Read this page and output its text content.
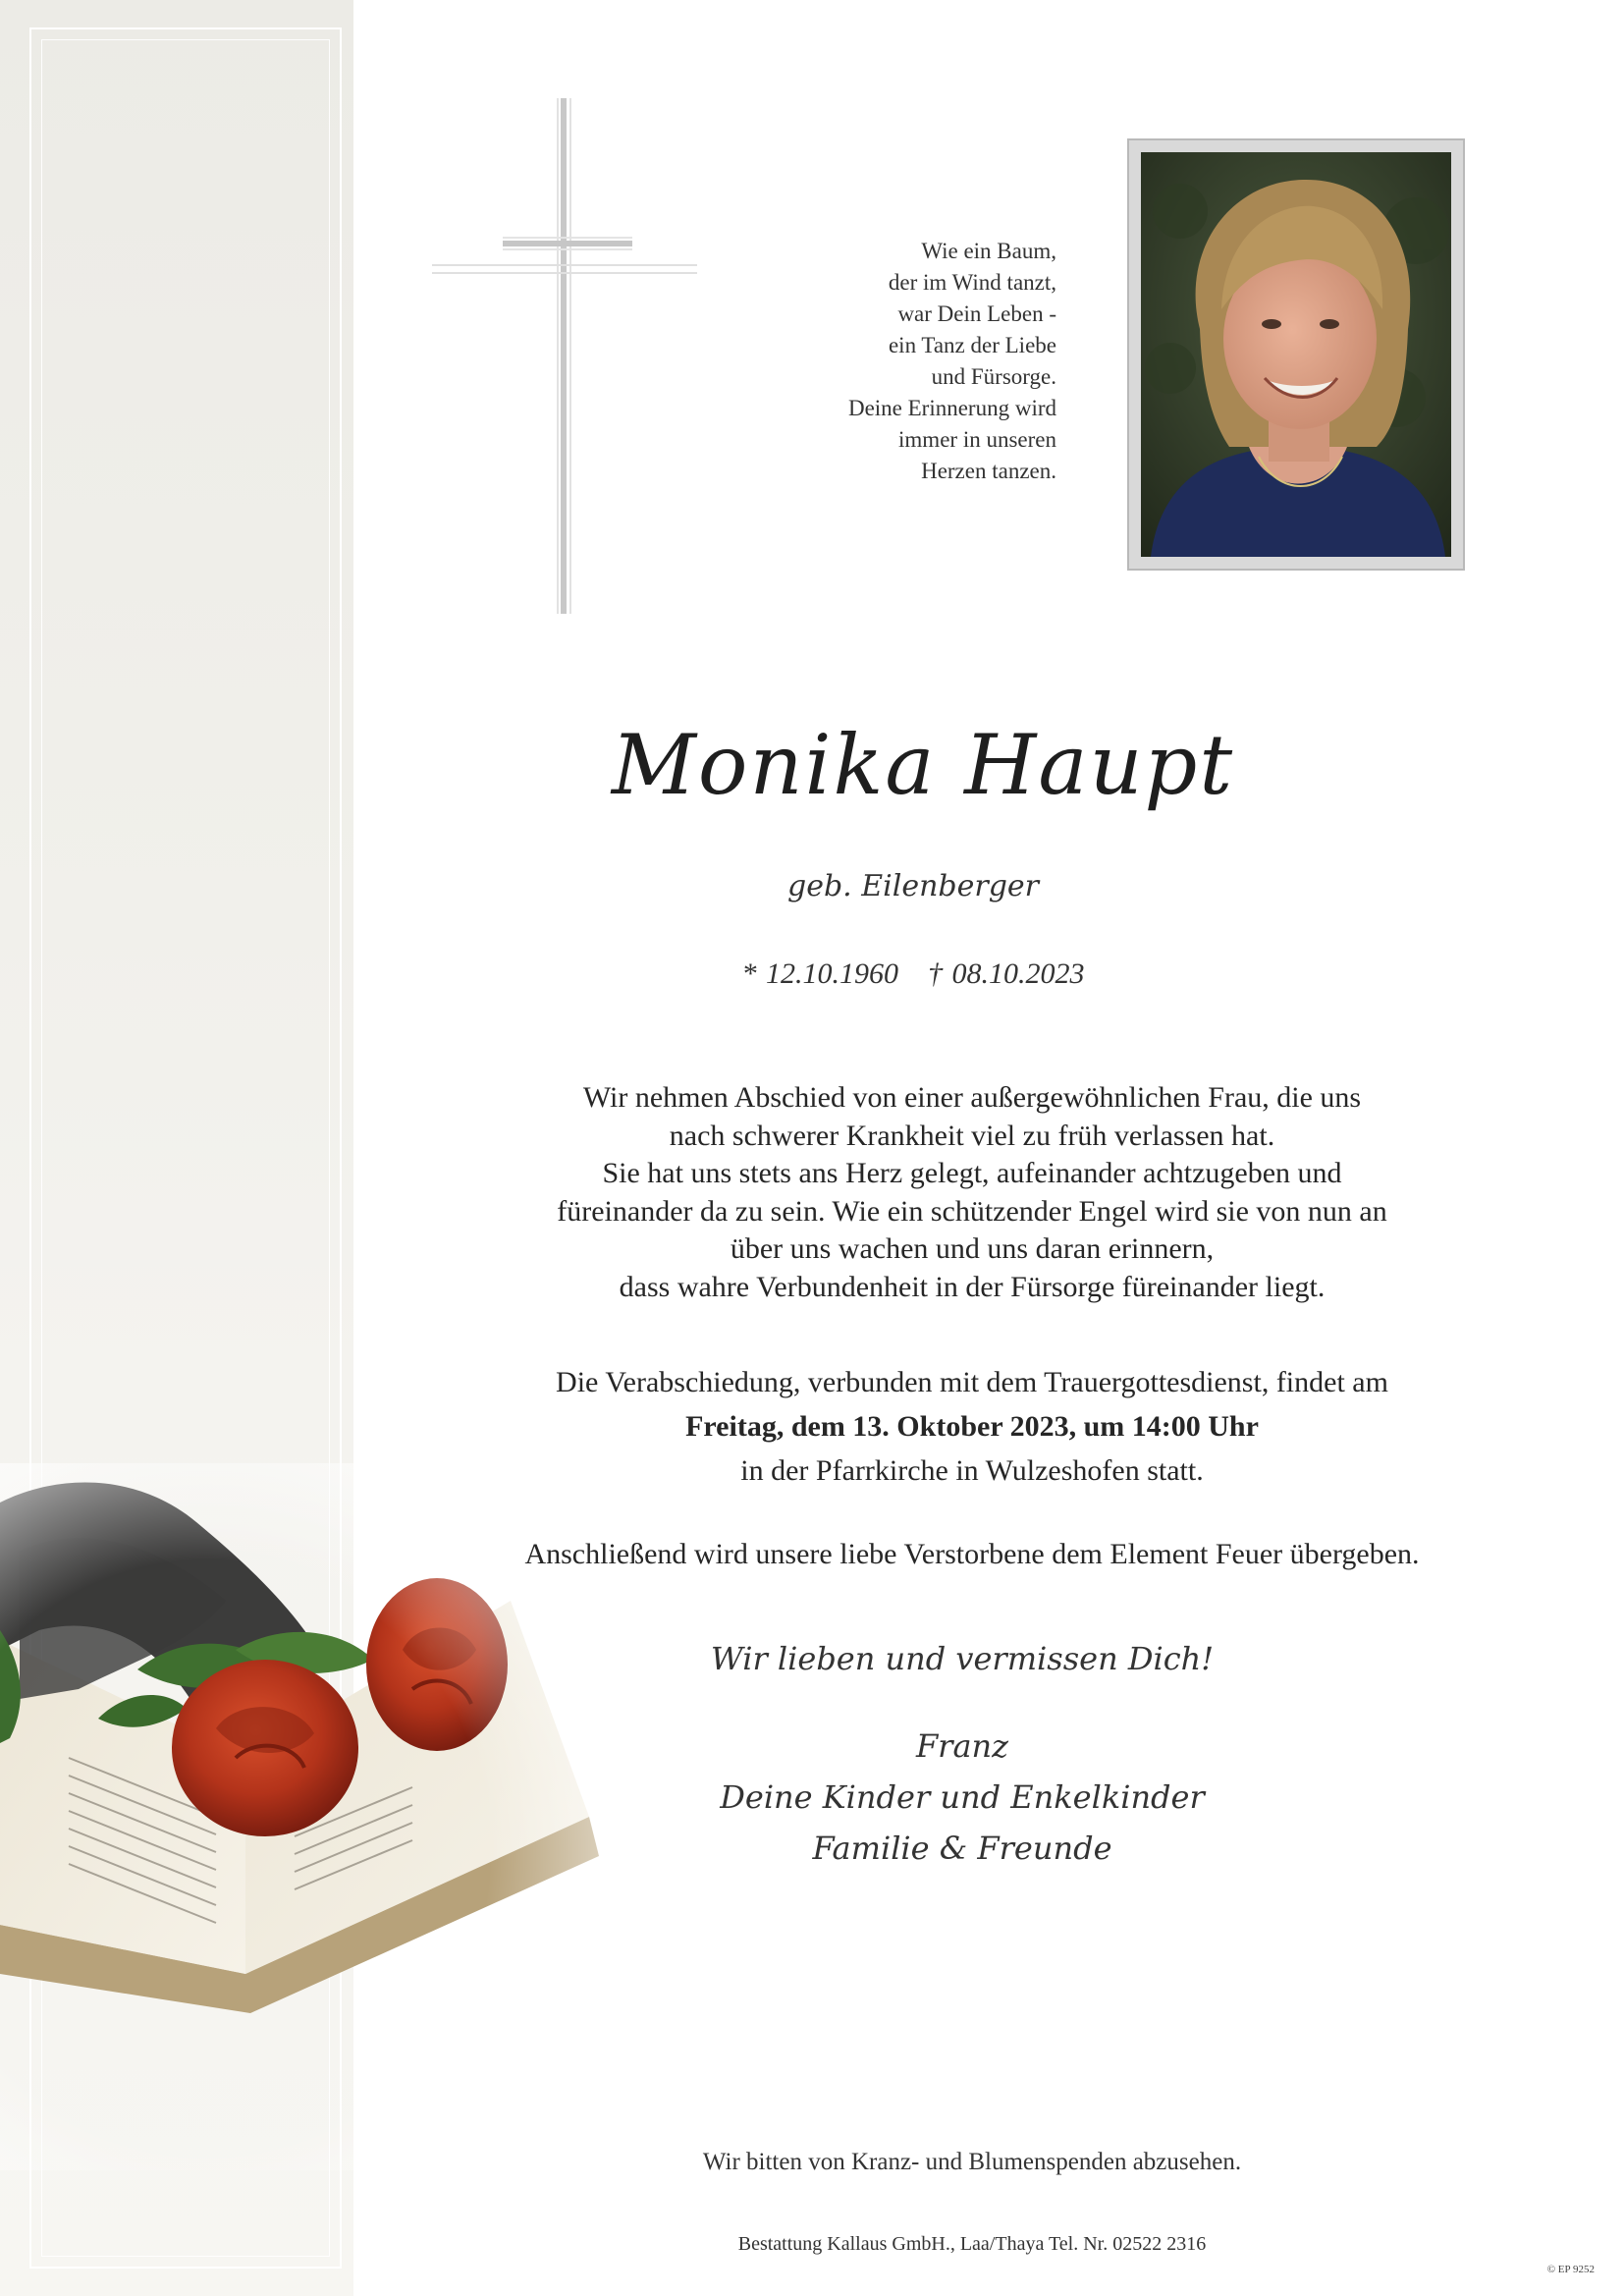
Wie ein Baum,
der im Wind tanzt,
war Dein Leben -
ein Tanz der Liebe
und Fürsorge.
Deine Erinnerung wird
immer in unseren
Herzen tanzen.
Monika Haupt
geb. Eilenberger
* 12.10.1960 † 08.10.2023
Wir nehmen Abschied von einer außergewöhnlichen Frau, die uns
nach schwerer Krankheit viel zu früh verlassen hat.
Sie hat uns stets ans Herz gelegt, aufeinander achtzugeben und
füreinander da zu sein. Wie ein schützender Engel wird sie von nun an
über uns wachen und uns daran erinnern,
dass wahre Verbundenheit in der Fürsorge füreinander liegt.
Die Verabschiedung, verbunden mit dem Trauergottesdienst, findet am
Freitag, dem 13. Oktober 2023, um 14:00 Uhr
in der Pfarrkirche in Wulzeshofen statt.
Anschließend wird unsere liebe Verstorbene dem Element Feuer übergeben.
Wir lieben und vermissen Dich!
Franz
Deine Kinder und Enkelkinder
Familie & Freunde
Wir bitten von Kranz- und Blumenspenden abzusehen.
Bestattung Kallaus GmbH., Laa/Thaya Tel. Nr. 02522 2316
© EP 9252
